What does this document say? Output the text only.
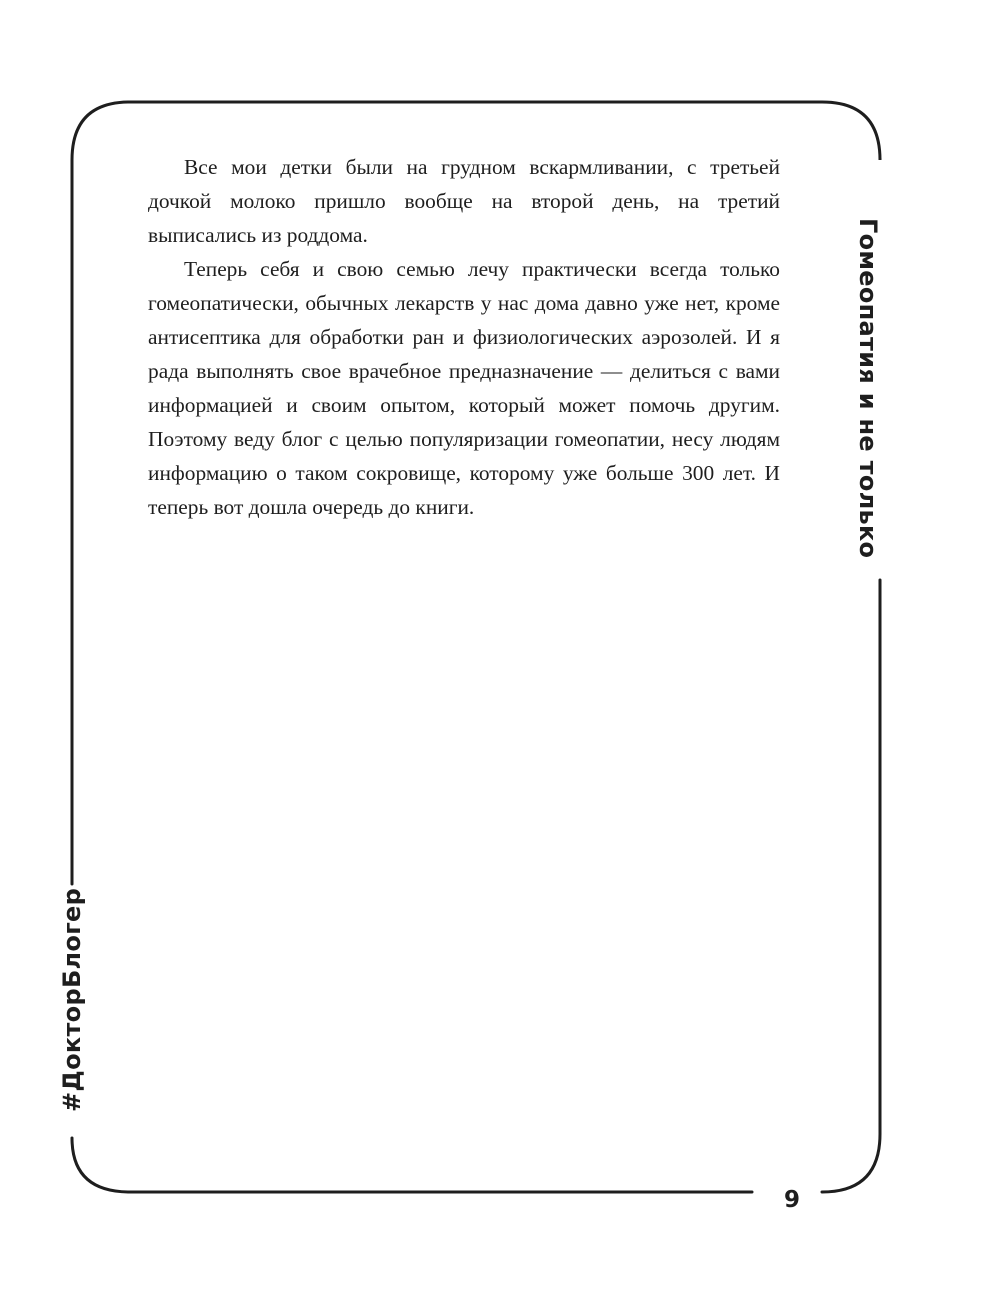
Все мои детки были на грудном вскармливании, с третьей дочкой молоко пришло вообще на второй день, на третий выписались из роддома.

Теперь себя и свою семью лечу практически всегда только гомеопатически, обычных лекарств у нас дома давно уже нет, кроме антисептика для обработки ран и физиологических аэрозолей. И я рада выполнять свое врачебное предназначение — делиться с вами информацией и своим опытом, который может помочь другим. Поэтому веду блог с целью популяризации гомеопатии, несу людям информацию о таком сокровище, которому уже больше 300 лет. И теперь вот дошла очередь до книги.	Гомеопатия и не только
#ДокторБлогер
9
